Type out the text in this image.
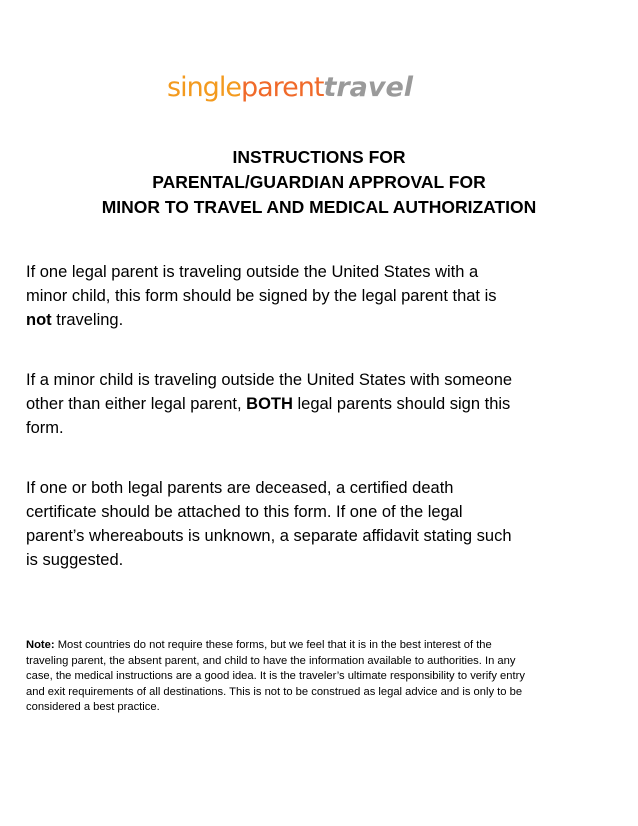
singleparenttravel
INSTRUCTIONS FOR
PARENTAL/GUARDIAN APPROVAL FOR
MINOR TO TRAVEL AND MEDICAL AUTHORIZATION
If one legal parent is traveling outside the United States with a
minor child, this form should be signed by the legal parent that is
not traveling.
If a minor child is traveling outside the United States with someone
other than either legal parent, BOTH legal parents should sign this
form.
If one or both legal parents are deceased, a certified death
certificate should be attached to this form. If one of the legal
parent’s whereabouts is unknown, a separate affidavit stating such
is suggested.
Note: Most countries do not require these forms, but we feel that it is in the best interest of the
traveling parent, the absent parent, and child to have the information available to authorities. In any
case, the medical instructions are a good idea. It is the traveler’s ultimate responsibility to verify entry
and exit requirements of all destinations. This is not to be construed as legal advice and is only to be
considered a best practice.
